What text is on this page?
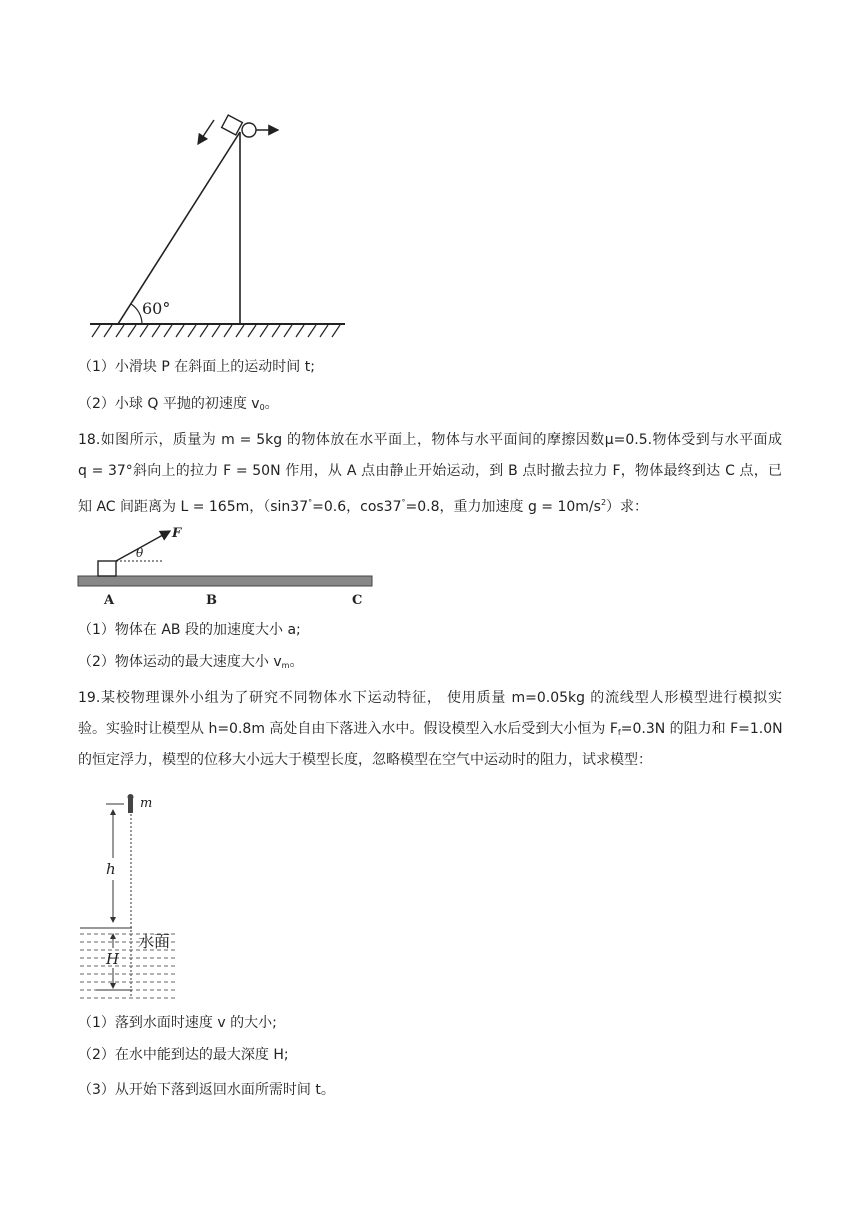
60°
（1）小滑块 P 在斜面上的运动时间 t;
（2）小球 Q 平抛的初速度 $v_0$。
18.如图所示，质量为 m = 5kg 的物体放在水平面上，物体与水平面间的摩擦因数μ=0.5.物体受到与水平面成
q = 37°斜向上的拉力 F = 50N 作用，从 A 点由静止开始运动，到 B 点时撤去拉力 F，物体最终到达 C 点，已
知 AC 间距离为 L = 165m，（sin37°=0.6，cos37°=0.8，重力加速度 $g = 10m/s^2$）求：
F
θ
A	B	C
（1）物体在 AB 段的加速度大小 a;
（2）物体运动的最大速度大小 $v_m$。
19.某校物理课外小组为了研究不同物体水下运动特征， 使用质量 m=0.05kg 的流线型人形模型进行模拟实
验。实验时让模型从 h=0.8m 高处自由下落进入水中。假设模型入水后受到大小恒为 $F_f=0.3N$ 的阻力和 F=1.0N
的恒定浮力，模型的位移大小远大于模型长度，忽略模型在空气中运动时的阻力，试求模型：
m
h
水面
H
（1）落到水面时速度 v 的大小;
（2）在水中能到达的最大深度 H;
（3）从开始下落到返回水面所需时间 t。
